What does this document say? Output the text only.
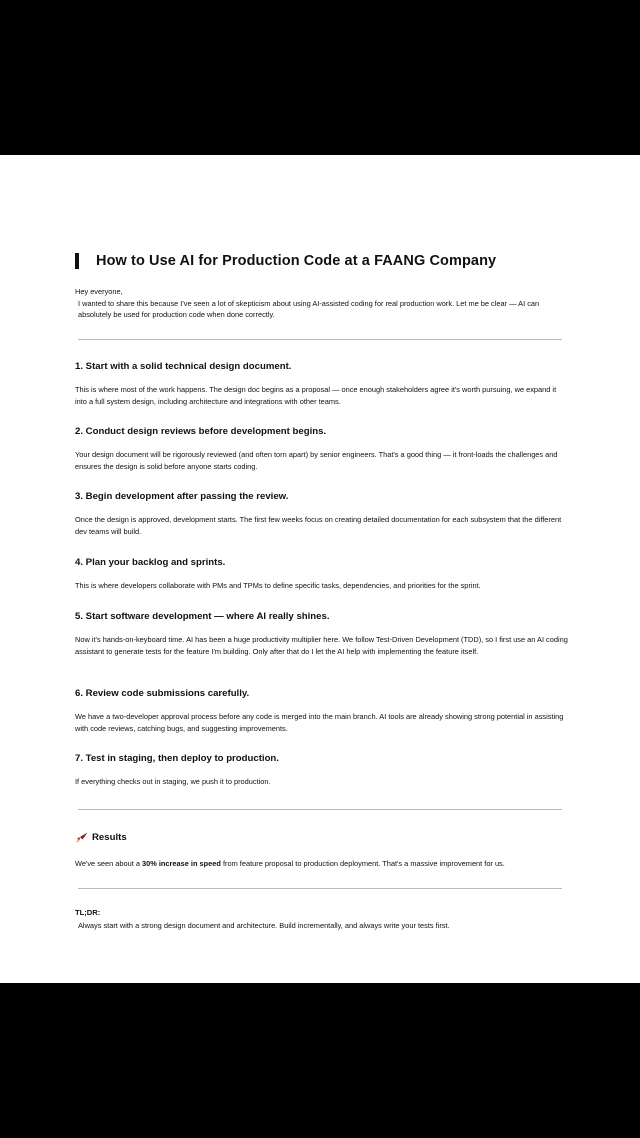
How to Use AI for Production Code at a FAANG Company

Hey everyone,

I wanted to share this because I've seen a lot of skepticism about using AI-assisted coding for real production work. Let me be clear — AI can absolutely be used for production code when done correctly.

1. Start with a solid technical design document.

This is where most of the work happens. The design doc begins as a proposal — once enough stakeholders agree it's worth pursuing, we expand it into a full system design, including architecture and integrations with other teams.

2. Conduct design reviews before development begins.

Your design document will be rigorously reviewed (and often torn apart) by senior engineers. That's a good thing — it front-loads the challenges and ensures the design is solid before anyone starts coding.

3. Begin development after passing the review.

Once the design is approved, development starts. The first few weeks focus on creating detailed documentation for each subsystem that the different dev teams will build.

4. Plan your backlog and sprints.

This is where developers collaborate with PMs and TPMs to define specific tasks, dependencies, and priorities for the sprint.

5. Start software development — where AI really shines.

Now it's hands-on-keyboard time. AI has been a huge productivity multiplier here. We follow Test-Driven Development (TDD), so I first use an AI coding assistant to generate tests for the feature I'm building. Only after that do I let the AI help with implementing the feature itself.

6. Review code submissions carefully.

We have a two-developer approval process before any code is merged into the main branch. AI tools are already showing strong potential in assisting with code reviews, catching bugs, and suggesting improvements.

7. Test in staging, then deploy to production.

If everything checks out in staging, we push it to production.

Results
We've seen about a 30% increase in speed from feature proposal to production deployment. That's a massive improvement for us.
TL;DR:
Always start with a strong design document and architecture. Build incrementally, and always write your tests first.
